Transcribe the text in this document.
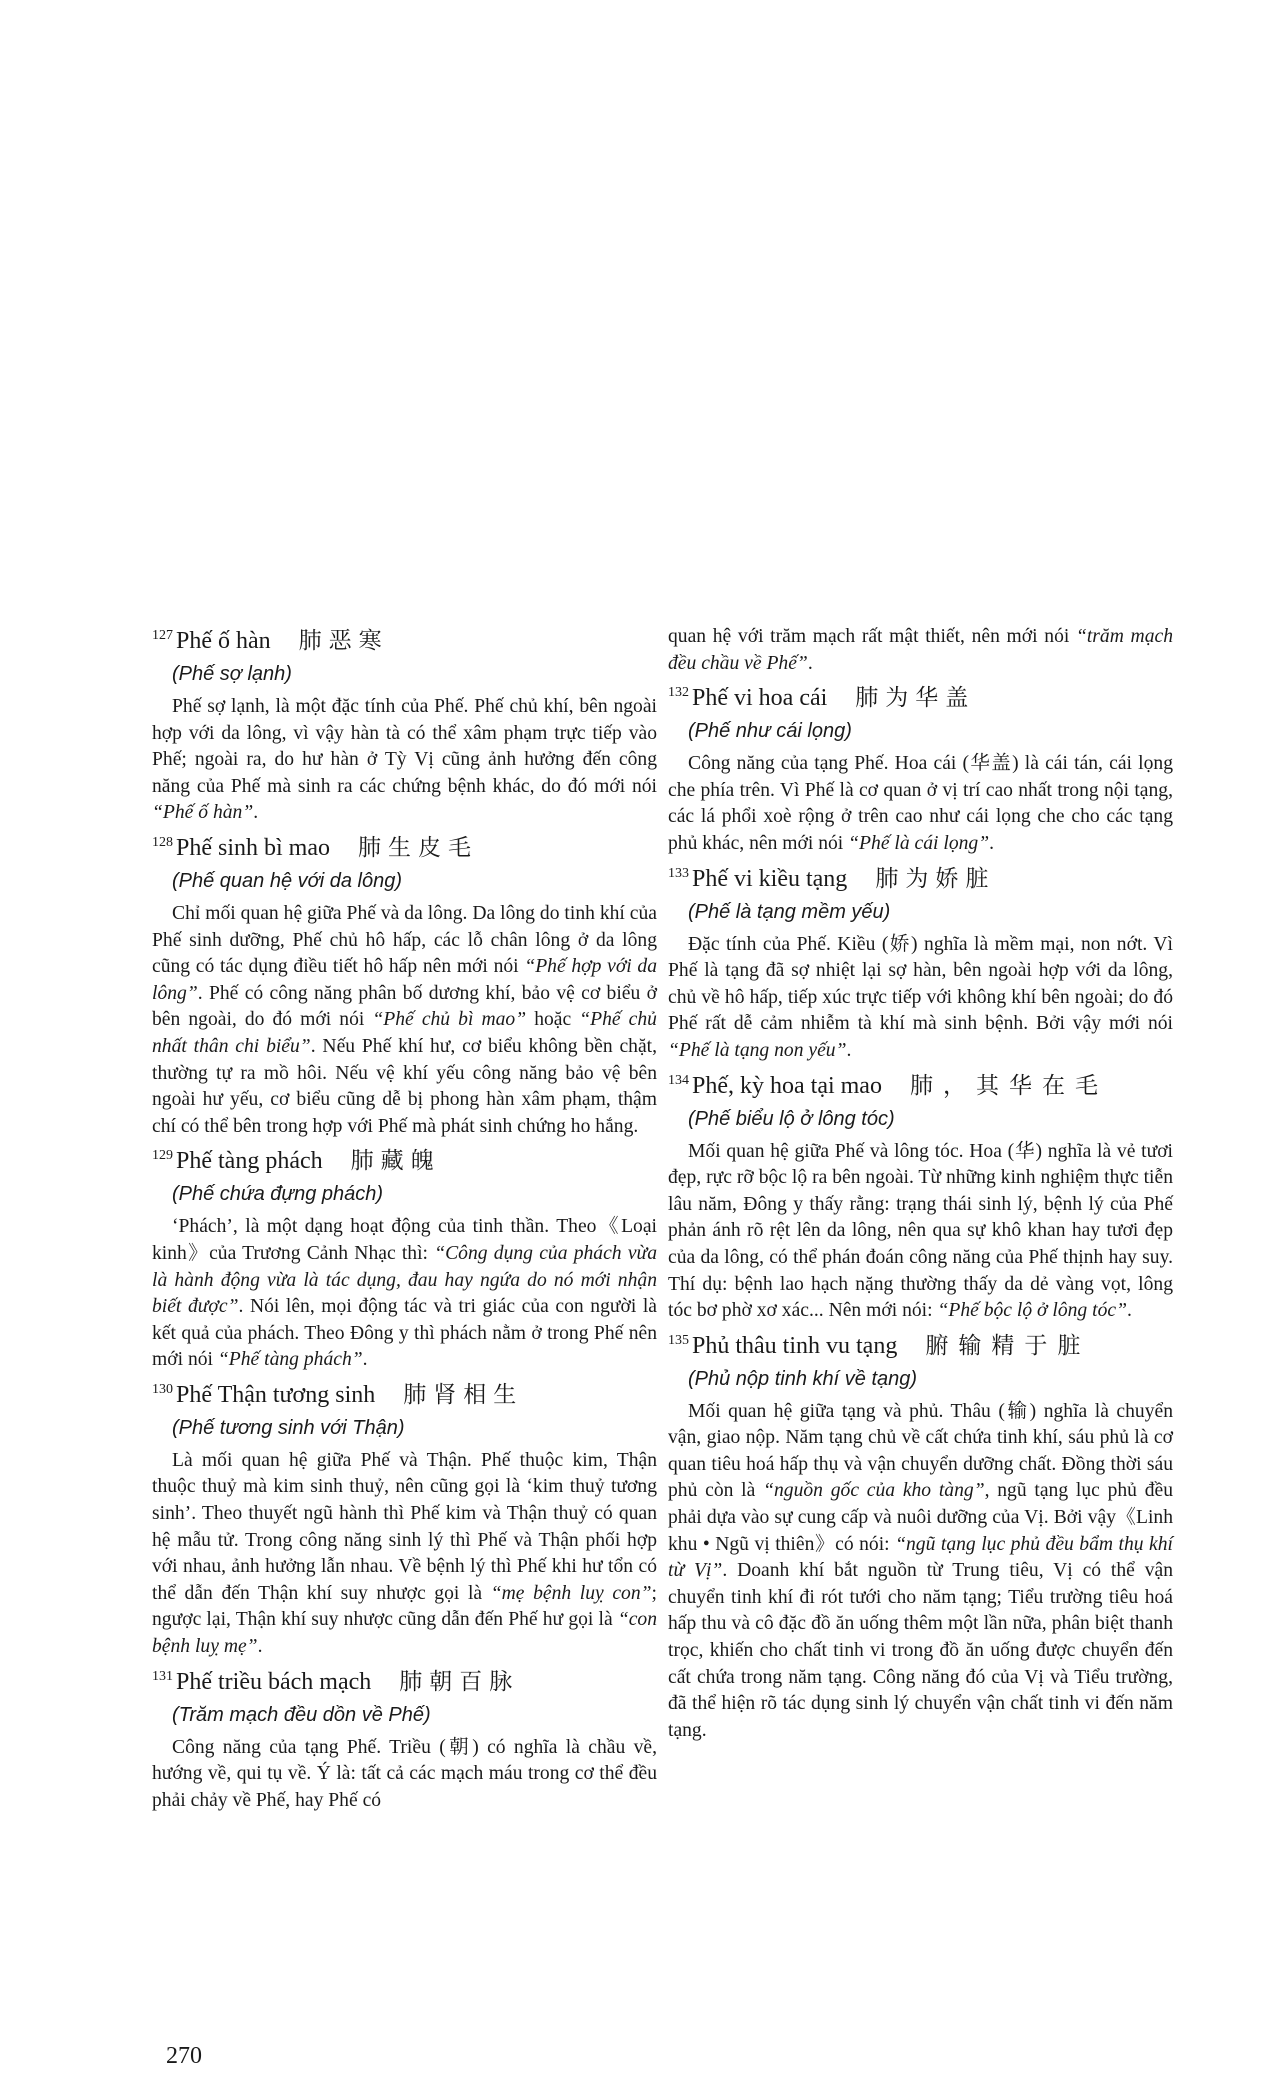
127 Phế ố hàn 肺恶寒
(Phế sợ lạnh)

Phế sợ lạnh, là một đặc tính của Phế. Phế chủ khí, bên ngoài hợp với da lông, vì vậy hàn tà có thể xâm phạm trực tiếp vào Phế; ngoài ra, do hư hàn ở Tỳ Vị cũng ảnh hưởng đến công năng của Phế mà sinh ra các chứng bệnh khác, do đó mới nói “Phế ố hàn”.

128 Phế sinh bì mao 肺生皮毛
(Phế quan hệ với da lông)

Chỉ mối quan hệ giữa Phế và da lông. Da lông do tinh khí của Phế sinh dưỡng, Phế chủ hô hấp, các lỗ chân lông ở da lông cũng có tác dụng điều tiết hô hấp nên mới nói “Phế hợp với da lông”. Phế có công năng phân bố dương khí, bảo vệ cơ biểu ở bên ngoài, do đó mới nói “Phế chủ bì mao” hoặc “Phế chủ nhất thân chi biểu”. Nếu Phế khí hư, cơ biểu không bền chặt, thường tự ra mồ hôi. Nếu vệ khí yếu công năng bảo vệ bên ngoài hư yếu, cơ biểu cũng dễ bị phong hàn xâm phạm, thậm chí có thể bên trong hợp với Phế mà phát sinh chứng ho hắng.

129 Phế tàng phách 肺藏魄
(Phế chứa đựng phách)

‘Phách’, là một dạng hoạt động của tinh thần. Theo《Loại kinh》của Trương Cảnh Nhạc thì: “Công dụng của phách vừa là hành động vừa là tác dụng, đau hay ngứa do nó mới nhận biết được”. Nói lên, mọi động tác và tri giác của con người là kết quả của phách. Theo Đông y thì phách nằm ở trong Phế nên mới nói “Phế tàng phách”.

130 Phế Thận tương sinh 肺肾相生
(Phế tương sinh với Thận)

Là mối quan hệ giữa Phế và Thận. Phế thuộc kim, Thận thuộc thuỷ mà kim sinh thuỷ, nên cũng gọi là ‘kim thuỷ tương sinh’. Theo thuyết ngũ hành thì Phế kim và Thận thuỷ có quan hệ mẫu tử. Trong công năng sinh lý thì Phế và Thận phối hợp với nhau, ảnh hưởng lẫn nhau. Về bệnh lý thì Phế khi hư tổn có thể dẫn đến Thận khí suy nhược gọi là “mẹ bệnh luỵ con”; ngược lại, Thận khí suy nhược cũng dẫn đến Phế hư gọi là “con bệnh luỵ mẹ”.

131 Phế triều bách mạch 肺朝百脉
(Trăm mạch đều dồn về Phế)

Công năng của tạng Phế. Triều (朝) có nghĩa là chầu về, hướng về, qui tụ về. Ý là: tất cả các mạch máu trong cơ thể đều phải chảy về Phế, hay Phế có

quan hệ với trăm mạch rất mật thiết, nên mới nói “trăm mạch đều chầu về Phế”.

132 Phế vi hoa cái 肺为华盖
(Phế như cái lọng)

Công năng của tạng Phế. Hoa cái (华盖) là cái tán, cái lọng che phía trên. Vì Phế là cơ quan ở vị trí cao nhất trong nội tạng, các lá phổi xoè rộng ở trên cao như cái lọng che cho các tạng phủ khác, nên mới nói “Phế là cái lọng”.

133 Phế vi kiều tạng 肺为娇脏
(Phế là tạng mềm yếu)

Đặc tính của Phế. Kiều (娇) nghĩa là mềm mại, non nớt. Vì Phế là tạng đã sợ nhiệt lại sợ hàn, bên ngoài hợp với da lông, chủ về hô hấp, tiếp xúc trực tiếp với không khí bên ngoài; do đó Phế rất dễ cảm nhiễm tà khí mà sinh bệnh. Bởi vậy mới nói “Phế là tạng non yếu”.

134 Phế, kỳ hoa tại mao 肺，其华在毛
(Phế biểu lộ ở lông tóc)

Mối quan hệ giữa Phế và lông tóc. Hoa (华) nghĩa là vẻ tươi đẹp, rực rỡ bộc lộ ra bên ngoài. Từ những kinh nghiệm thực tiễn lâu năm, Đông y thấy rằng: trạng thái sinh lý, bệnh lý của Phế phản ánh rõ rệt lên da lông, nên qua sự khô khan hay tươi đẹp của da lông, có thể phán đoán công năng của Phế thịnh hay suy. Thí dụ: bệnh lao hạch nặng thường thấy da dẻ vàng vọt, lông tóc bơ phờ xơ xác... Nên mới nói: “Phế bộc lộ ở lông tóc”.

135 Phủ thâu tinh vu tạng 腑输精于脏
(Phủ nộp tinh khí về tạng)

Mối quan hệ giữa tạng và phủ. Thâu (输) nghĩa là chuyển vận, giao nộp. Năm tạng chủ về cất chứa tinh khí, sáu phủ là cơ quan tiêu hoá hấp thụ và vận chuyển dưỡng chất. Đồng thời sáu phủ còn là “nguồn gốc của kho tàng”, ngũ tạng lục phủ đều phải dựa vào sự cung cấp và nuôi dưỡng của Vị. Bởi vậy《Linh khu • Ngũ vị thiên》có nói: “ngũ tạng lục phủ đều bẩm thụ khí từ Vị”. Doanh khí bắt nguồn từ Trung tiêu, Vị có thể vận chuyển tinh khí đi rót tưới cho năm tạng; Tiểu trường tiêu hoá hấp thu và cô đặc đồ ăn uống thêm một lần nữa, phân biệt thanh trọc, khiến cho chất tinh vi trong đồ ăn uống được chuyển đến cất chứa trong năm tạng. Công năng đó của Vị và Tiểu trường, đã thể hiện rõ tác dụng sinh lý chuyển vận chất tinh vi đến năm tạng.

270
